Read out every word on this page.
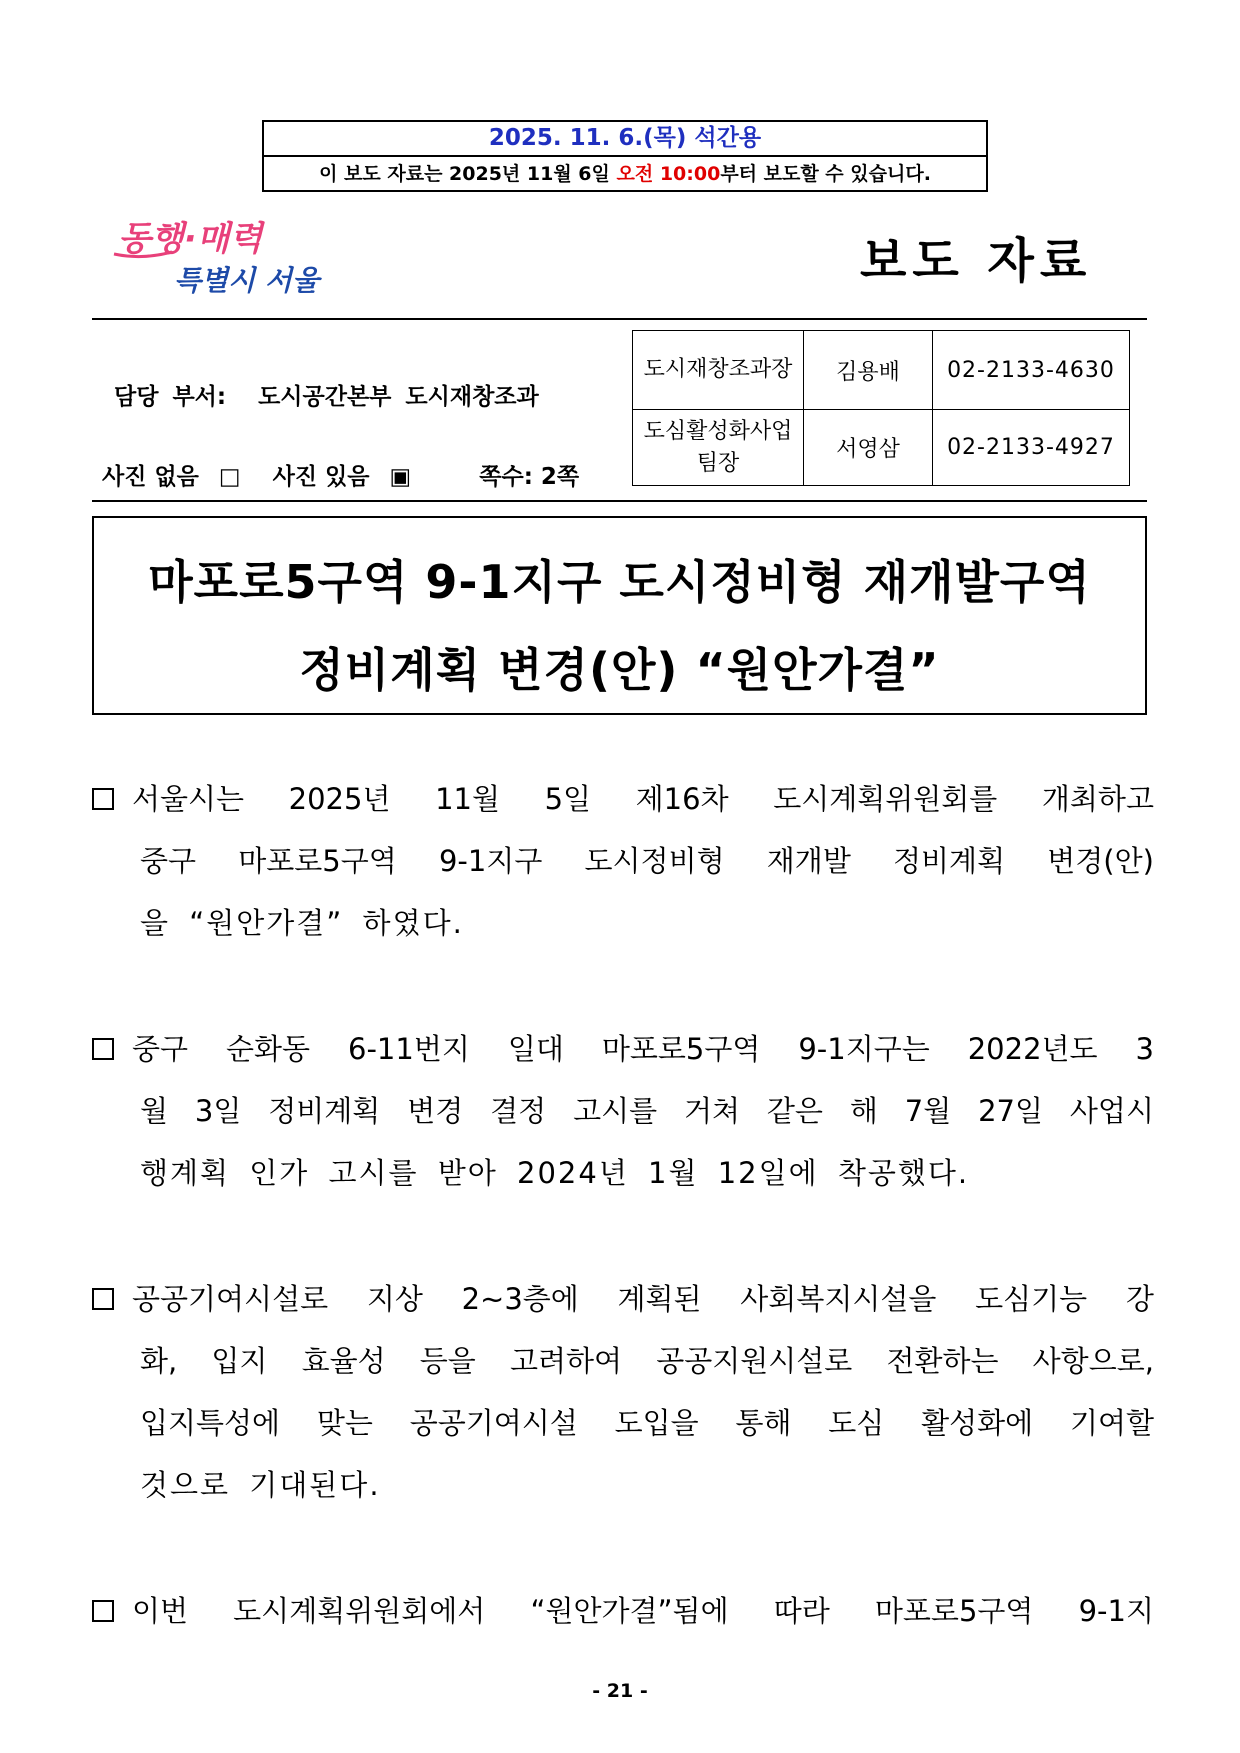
2025. 11. 6.(목) 석간용
이 보도 자료는 2025년 11월 6일 오전 10:00부터 보도할 수 있습니다.
동행·매력
특별시 서울	보도 자료
담당 부서: 도시공간본부 도시재창조과
사진 없음 □ 사진 있음 ▣	쪽수: 2쪽
도시재창조과장	김용배	02-2133-4630

도심활성화사업
팀장	서영삼	02-2133-4927
마포로5구역 9-1지구 도시정비형 재개발구역
정비계획 변경(안) “원안가결”
서울시는 2025년 11월 5일 제16차 도시계획위원회를 개최하고
중구 마포로5구역 9-1지구 도시정비형 재개발 정비계획 변경(안)
을 “원안가결” 하였다.
중구 순화동 6-11번지 일대 마포로5구역 9-1지구는 2022년도 3
월 3일 정비계획 변경 결정 고시를 거쳐 같은 해 7월 27일 사업시
행계획 인가 고시를 받아 2024년 1월 12일에 착공했다.
공공기여시설로 지상 2∼3층에 계획된 사회복지시설을 도심기능 강
화, 입지 효율성 등을 고려하여 공공지원시설로 전환하는 사항으로,
입지특성에 맞는 공공기여시설 도입을 통해 도심 활성화에 기여할
것으로 기대된다.
이번 도시계획위원회에서 “원안가결”됨에 따라 마포로5구역 9-1지
- 21 -
